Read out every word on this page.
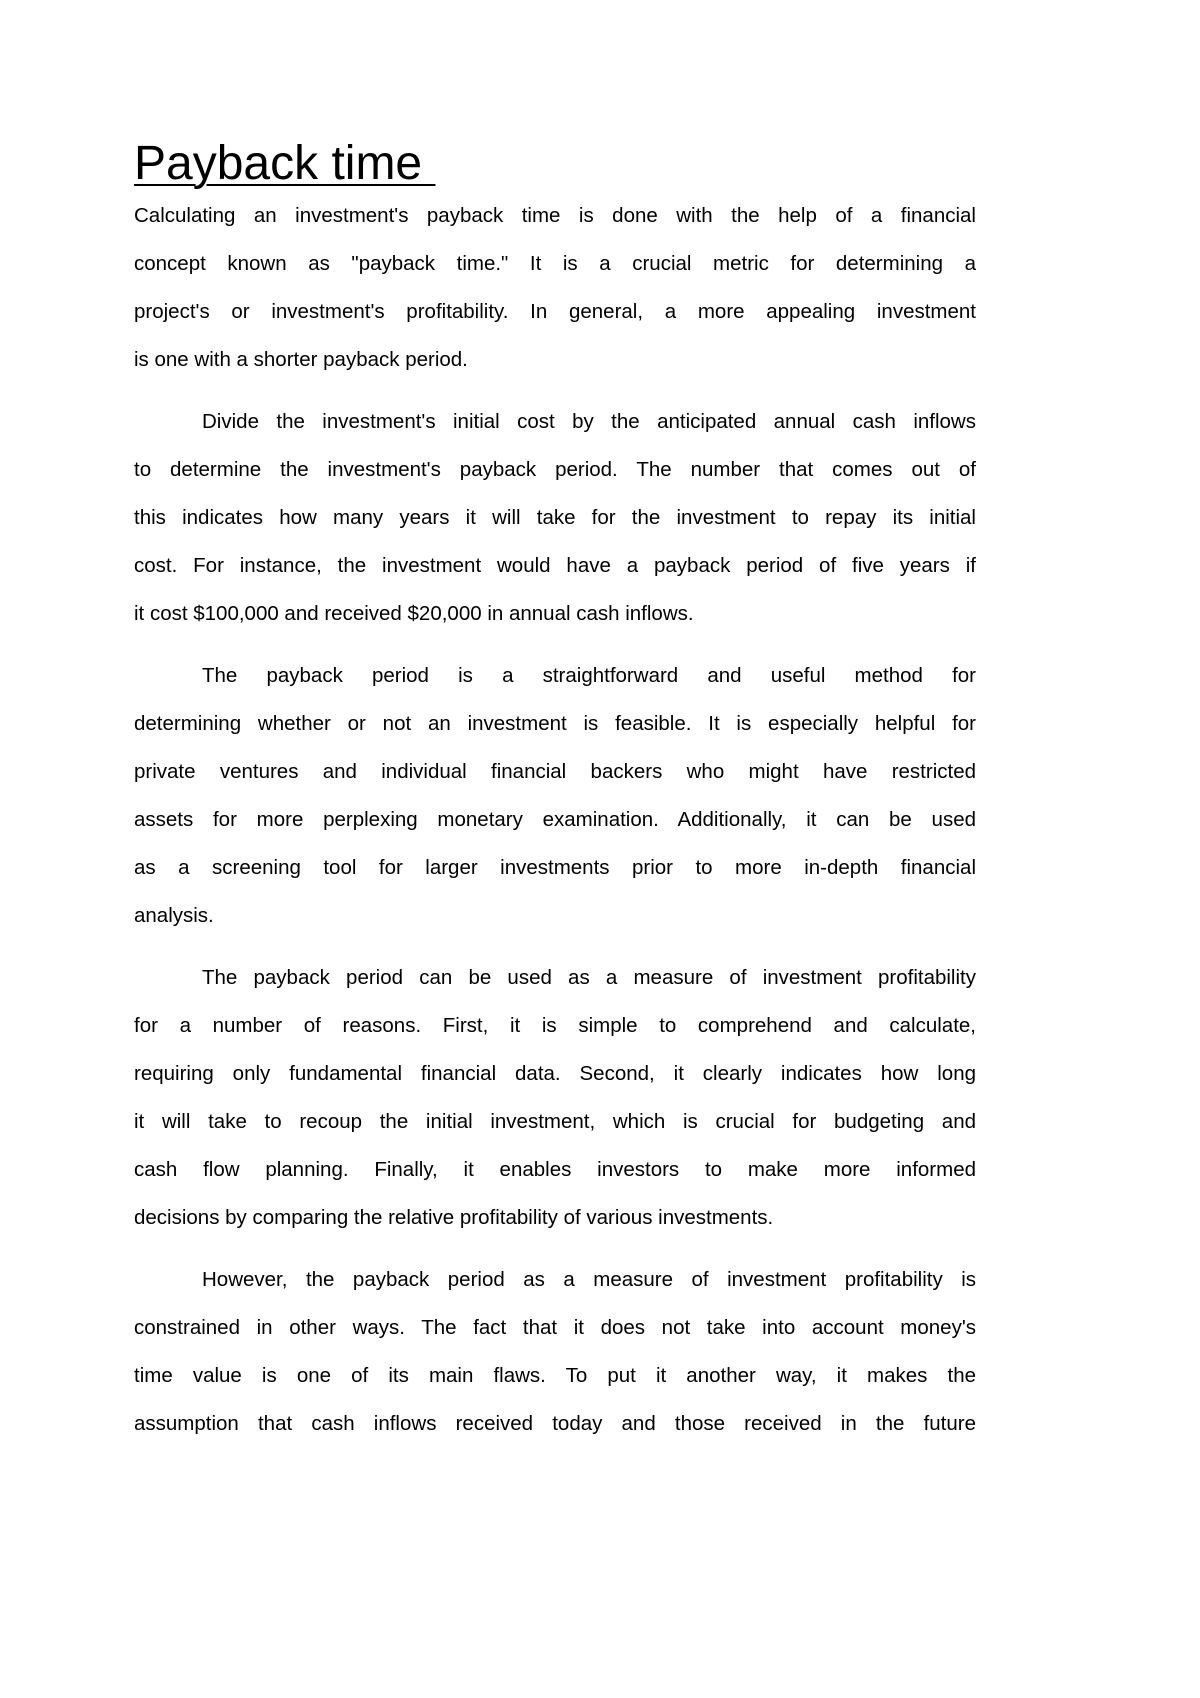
Payback time
Calculating an investment's payback time is done with the help of a financial
concept known as "payback time." It is a crucial metric for determining a
project's or investment's profitability. In general, a more appealing investment
is one with a shorter payback period.
Divide the investment's initial cost by the anticipated annual cash inflows
to determine the investment's payback period. The number that comes out of
this indicates how many years it will take for the investment to repay its initial
cost. For instance, the investment would have a payback period of five years if
it cost $100,000 and received $20,000 in annual cash inflows.
The payback period is a straightforward and useful method for
determining whether or not an investment is feasible. It is especially helpful for
private ventures and individual financial backers who might have restricted
assets for more perplexing monetary examination. Additionally, it can be used
as a screening tool for larger investments prior to more in-depth financial
analysis.
The payback period can be used as a measure of investment profitability
for a number of reasons. First, it is simple to comprehend and calculate,
requiring only fundamental financial data. Second, it clearly indicates how long
it will take to recoup the initial investment, which is crucial for budgeting and
cash flow planning. Finally, it enables investors to make more informed
decisions by comparing the relative profitability of various investments.
However, the payback period as a measure of investment profitability is
constrained in other ways. The fact that it does not take into account money's
time value is one of its main flaws. To put it another way, it makes the
assumption that cash inflows received today and those received in the future
